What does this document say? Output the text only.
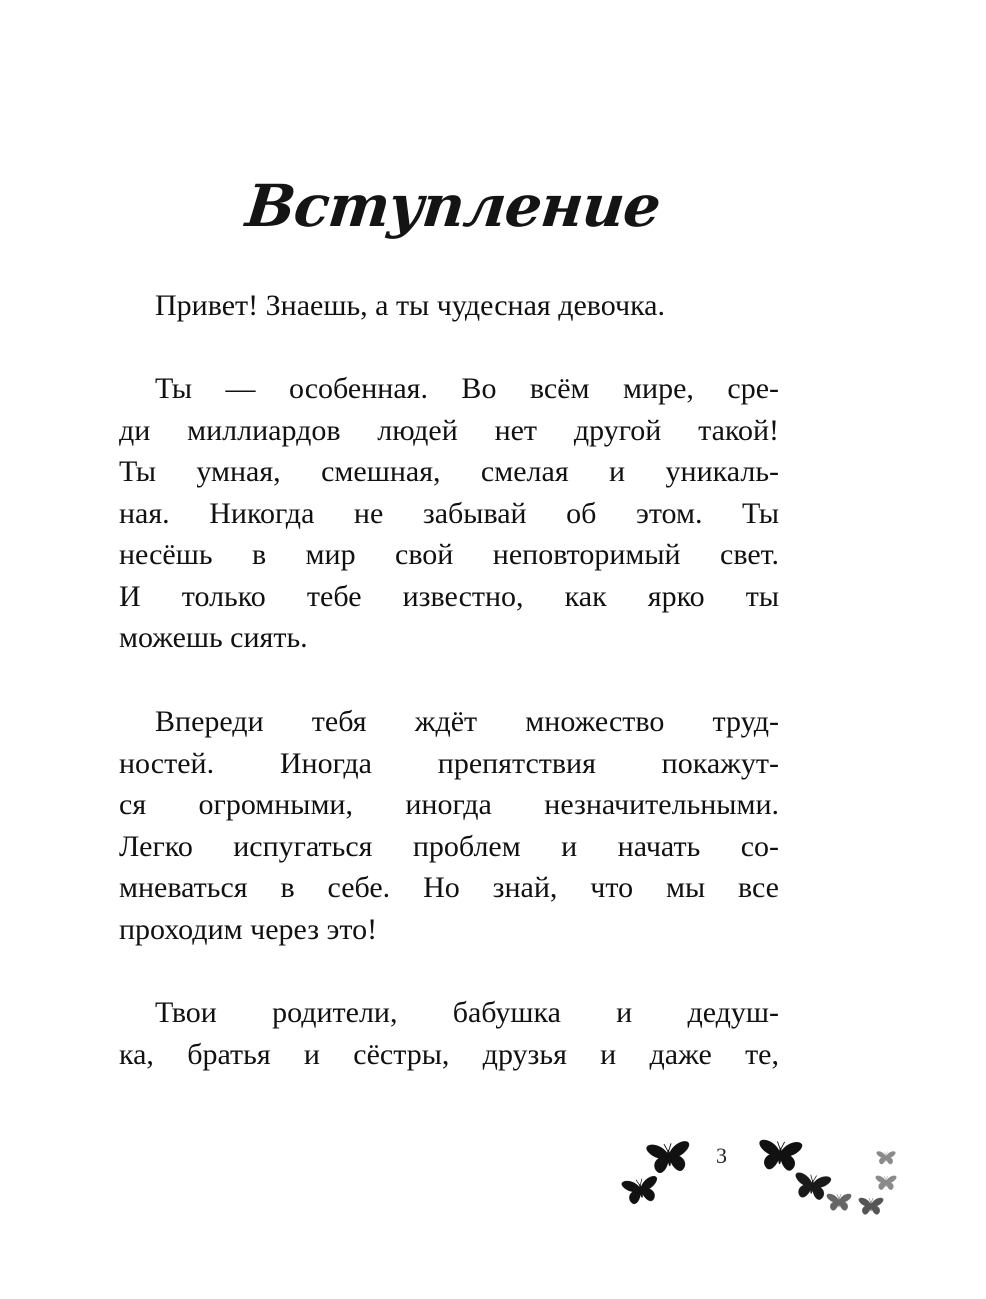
Вступление
Привет! Знаешь, а ты чудесная девочка.
Ты — особенная. Во всём мире, сре-
ди миллиардов людей нет другой такой!
Ты умная, смешная, смелая и уникаль-
ная. Никогда не забывай об этом. Ты
несёшь в мир свой неповторимый свет.
И только тебе известно, как ярко ты
можешь сиять.
Впереди тебя ждёт множество труд-
ностей. Иногда препятствия покажут-
ся огромными, иногда незначительными.
Легко испугаться проблем и начать со-
мневаться в себе. Но знай, что мы все
проходим через это!
Твои родители, бабушка и дедуш-
ка, братья и сёстры, друзья и даже те,
3
